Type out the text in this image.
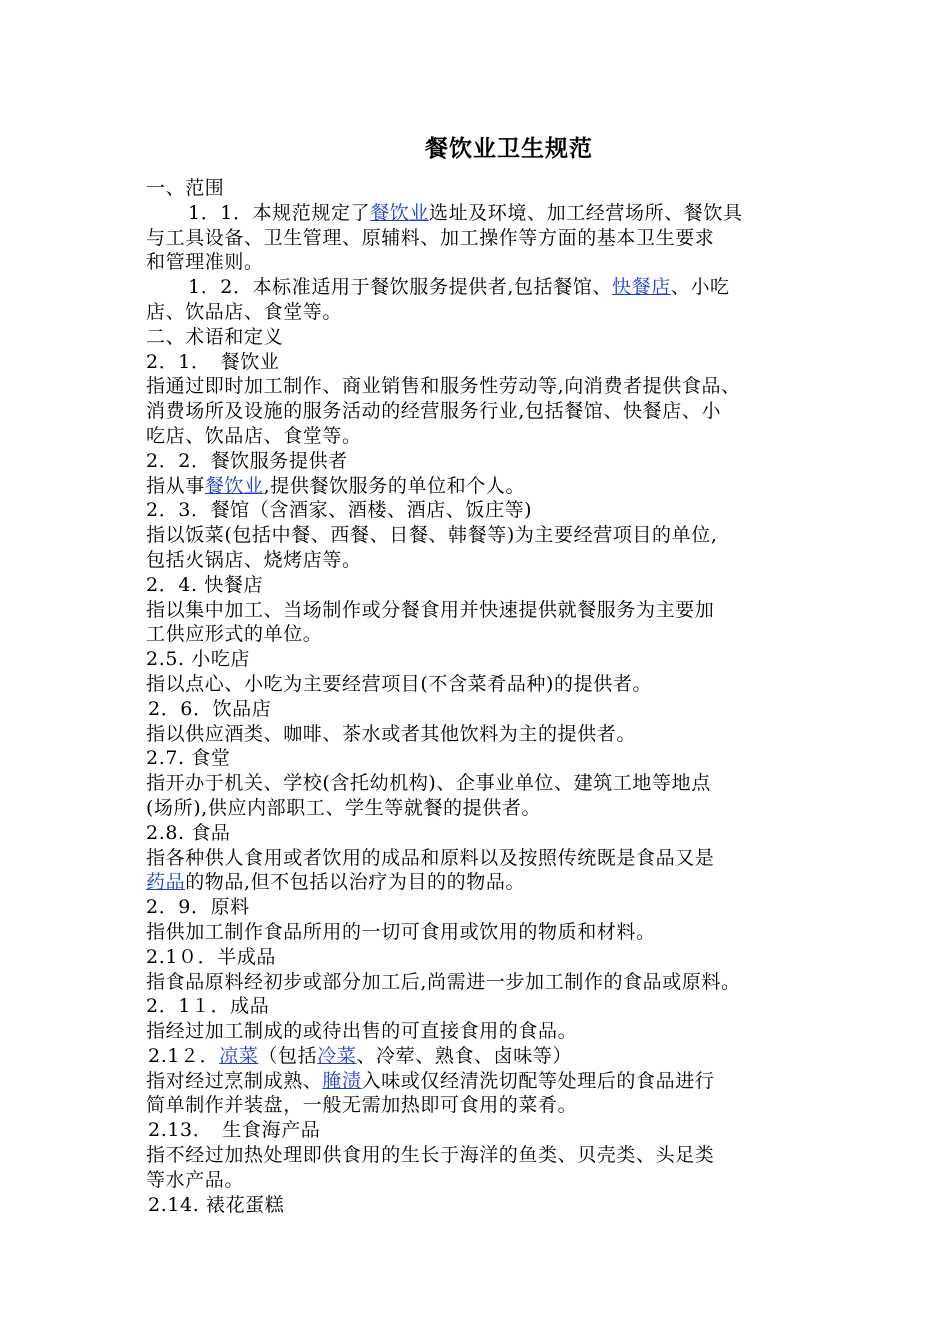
餐饮业卫生规范
一、范围
1．1．本规范规定了餐饮业选址及环境、加工经营场所、餐饮具
与工具设备、卫生管理、原辅料、加工操作等方面的基本卫生要求
和管理准则。
1．2．本标准适用于餐饮服务提供者,包括餐馆、快餐店、小吃
店、饮品店、食堂等。
二、术语和定义
2．1．　餐饮业
指通过即时加工制作、商业销售和服务性劳动等,向消费者提供食品、
消费场所及设施的服务活动的经营服务行业,包括餐馆、快餐店、小
吃店、饮品店、食堂等。
2．2．餐饮服务提供者
指从事餐饮业,提供餐饮服务的单位和个人。
2．3．餐馆（含酒家、酒楼、酒店、饭庄等)
指以饭菜(包括中餐、西餐、日餐、韩餐等)为主要经营项目的单位,
包括火锅店、烧烤店等。
2．4. 快餐店
指以集中加工、当场制作或分餐食用并快速提供就餐服务为主要加
工供应形式的单位。
2.5. 小吃店
指以点心、小吃为主要经营项目(不含菜肴品种)的提供者。
2．6．饮品店
指以供应酒类、咖啡、茶水或者其他饮料为主的提供者。
2.7. 食堂
指开办于机关、学校(含托幼机构)、企事业单位、建筑工地等地点
(场所),供应内部职工、学生等就餐的提供者。
2.8. 食品
指各种供人食用或者饮用的成品和原料以及按照传统既是食品又是
药品的物品,但不包括以治疗为目的的物品。
2．9．原料
指供加工制作食品所用的一切可食用或饮用的物质和材料。
2.1０．半成品
指食品原料经初步或部分加工后,尚需进一步加工制作的食品或原料。
2．1１．成品
指经过加工制成的或待出售的可直接食用的食品。
2.1２．凉菜（包括冷菜、冷荤、熟食、卤味等）
指对经过烹制成熟、腌渍入味或仅经清洗切配等处理后的食品进行
简单制作并装盘，一般无需加热即可食用的菜肴。
2.13．　生食海产品
指不经过加热处理即供食用的生长于海洋的鱼类、贝壳类、头足类
等水产品。
2.14. 裱花蛋糕
